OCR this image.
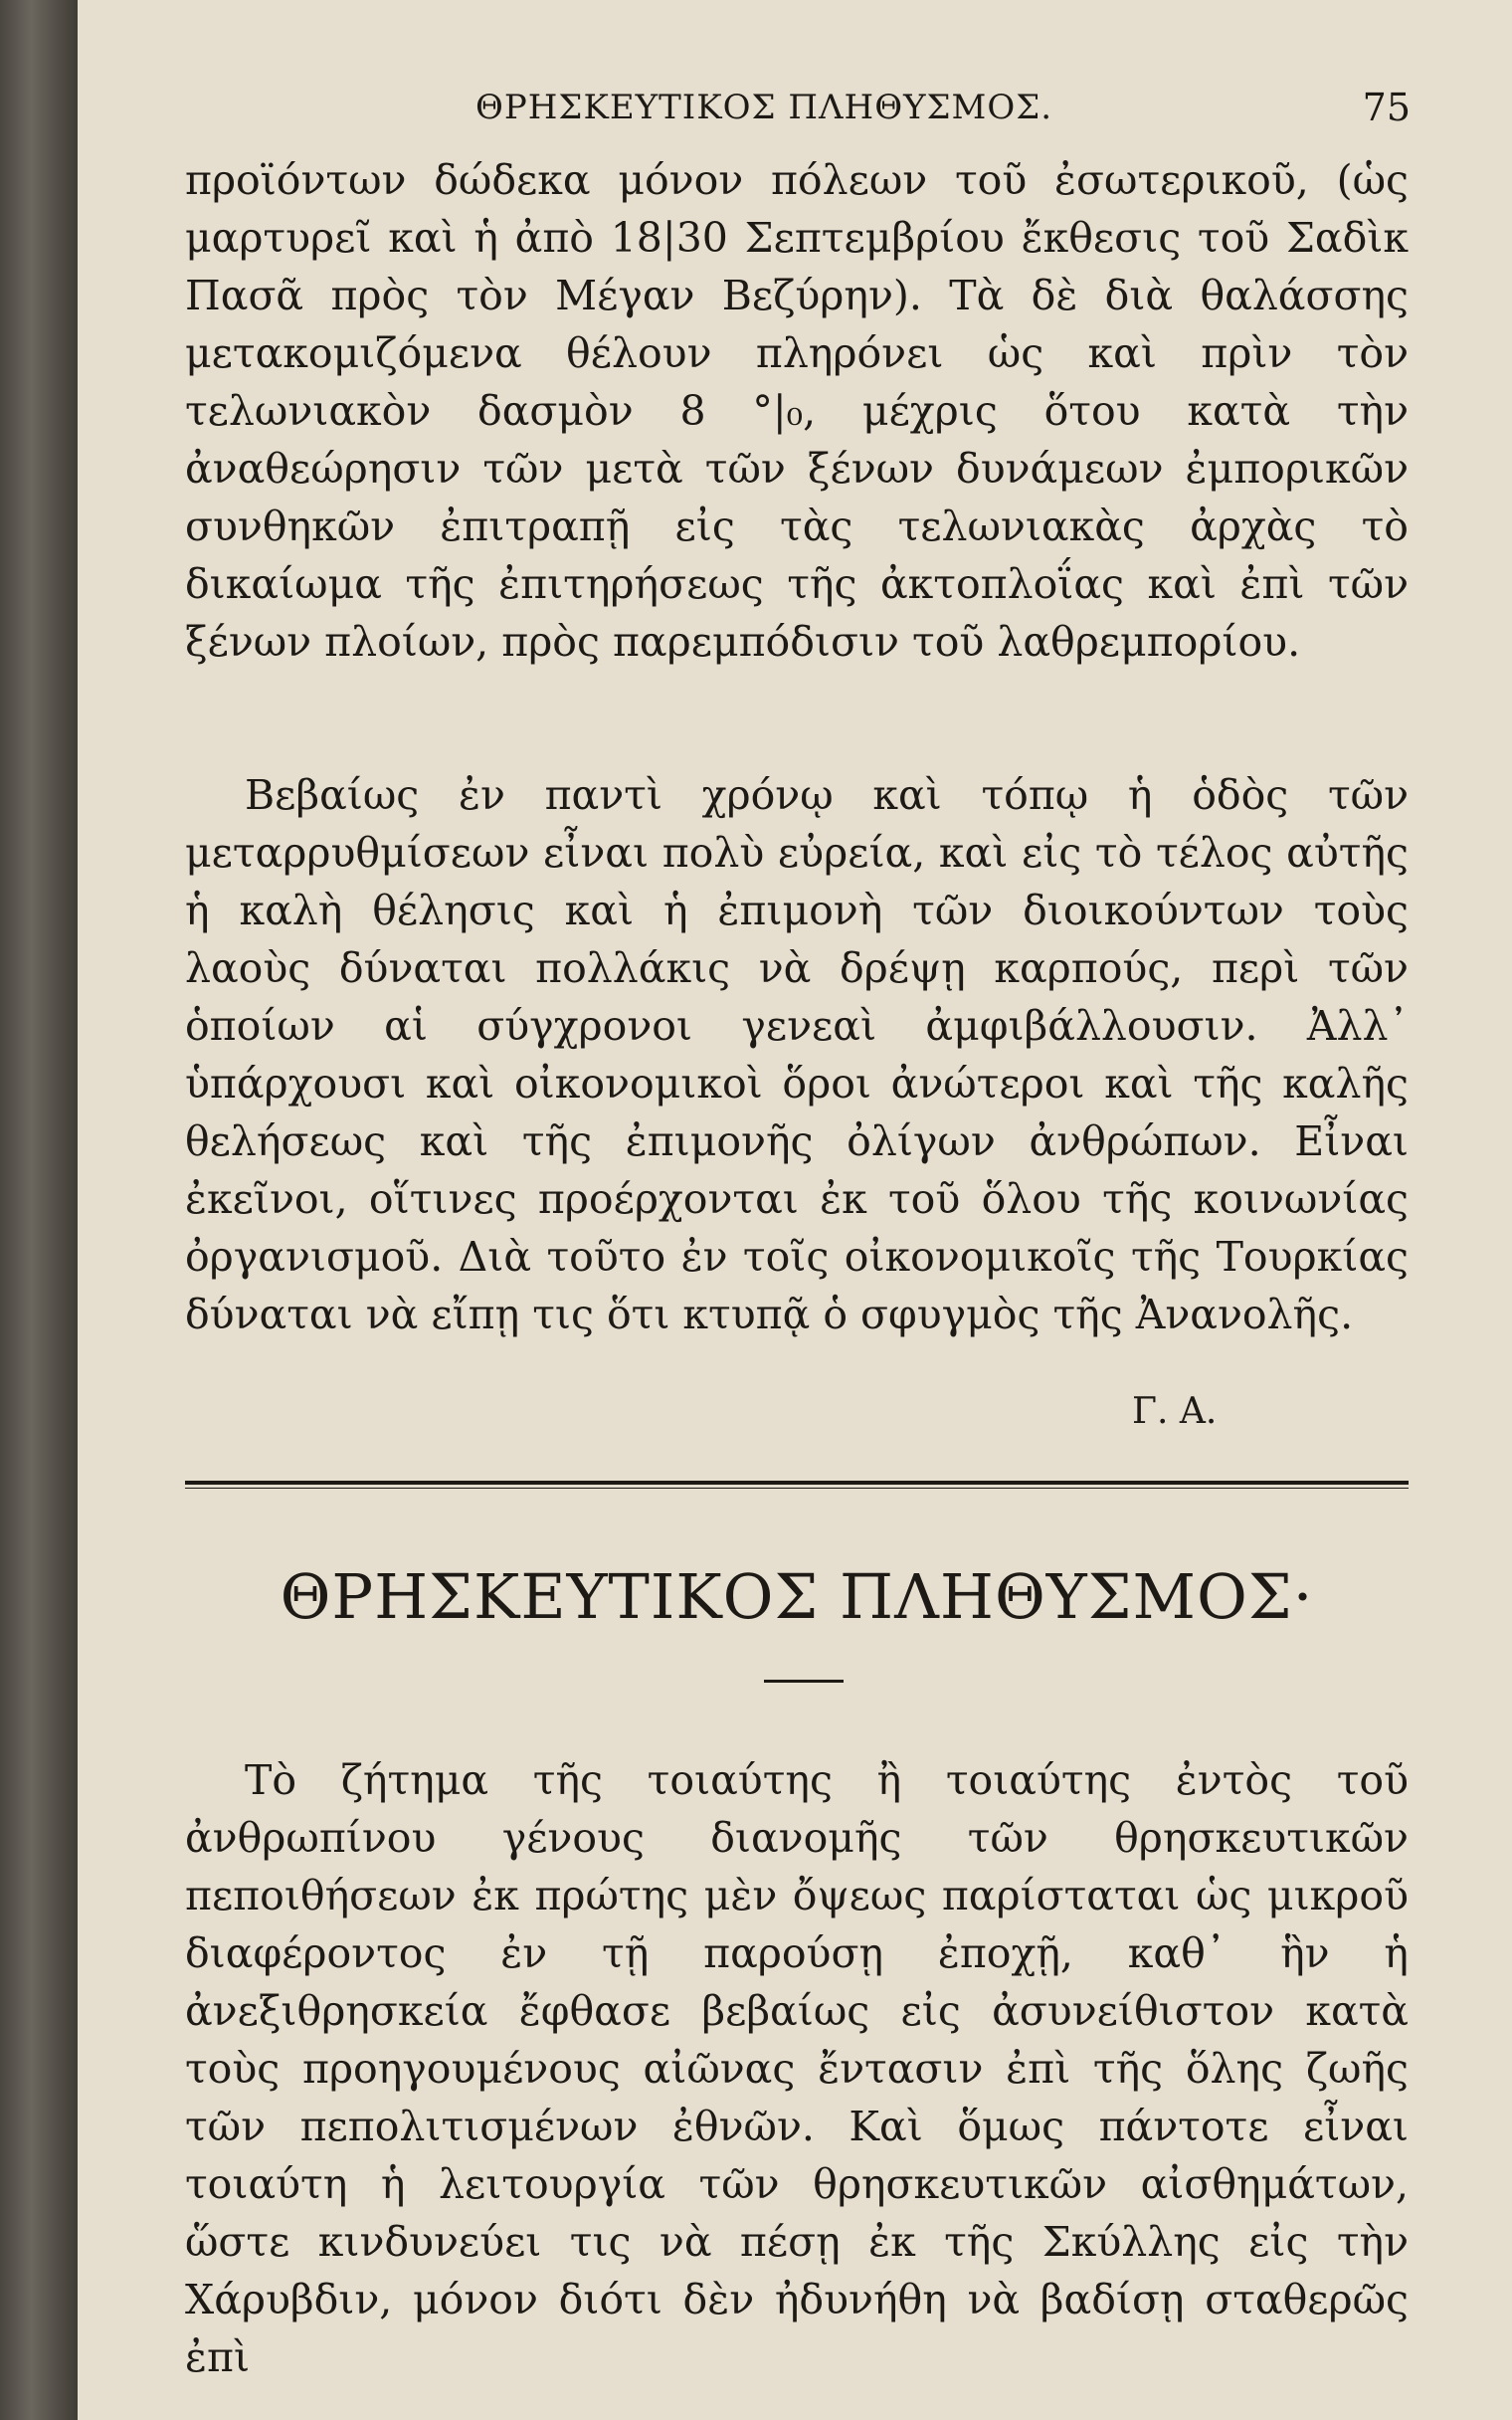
ΘΡΗΣΚΕΥΤΙΚΟΣ ΠΛΗΘΥΣΜΟΣ.	75

προϊόντων δώδεκα μόνον πόλεων τοῦ ἐσωτερικοῦ, (ὡς μαρτυρεῖ καὶ ἡ ἀπὸ 18|30 Σεπτεμβρίου ἔκθεσις τοῦ Σαδὶκ Πασᾶ πρὸς τὸν Μέγαν Βεζύρην). Τὰ δὲ διὰ θαλάσσης μετακομιζόμενα θέλουν πληρόνει ὡς καὶ πρὶν τὸν τελωνιακὸν δασμὸν 8 °|₀, μέχρις ὅτου κατὰ τὴν ἀναθεώρησιν τῶν μετὰ τῶν ξένων δυνάμεων ἐμπορικῶν συνθηκῶν ἐπιτραπῇ εἰς τὰς τελωνιακὰς ἀρχὰς τὸ δικαίωμα τῆς ἐπιτηρήσεως τῆς ἀκτοπλοΐας καὶ ἐπὶ τῶν ξένων πλοίων, πρὸς παρεμπόδισιν τοῦ λαθρεμπορίου.

Βεβαίως ἐν παντὶ χρόνῳ καὶ τόπῳ ἡ ὁδὸς τῶν μεταρρυθμίσεων εἶναι πολὺ εὐρεία, καὶ εἰς τὸ τέλος αὐτῆς ἡ καλὴ θέλησις καὶ ἡ ἐπιμονὴ τῶν διοικούντων τοὺς λαοὺς δύναται πολλάκις νὰ δρέψῃ καρπούς, περὶ τῶν ὁποίων αἱ σύγχρονοι γενεαὶ ἀμφιβάλλουσιν. Ἀλλ᾽ ὑπάρχουσι καὶ οἰκονομικοὶ ὅροι ἀνώτεροι καὶ τῆς καλῆς θελήσεως καὶ τῆς ἐπιμονῆς ὀλίγων ἀνθρώπων. Εἶναι ἐκεῖνοι, οἵτινες προέρχονται ἐκ τοῦ ὅλου τῆς κοινωνίας ὀργανισμοῦ. Διὰ τοῦτο ἐν τοῖς οἰκονομικοῖς τῆς Τουρκίας δύναται νὰ εἴπῃ τις ὅτι κτυπᾷ ὁ σφυγμὸς τῆς Ἀνανολῆς.

Γ. Α.
ΘΡΗΣΚΕΥΤΙΚΟΣ ΠΛΗΘΥΣΜΟΣ·

Τὸ ζήτημα τῆς τοιαύτης ἢ τοιαύτης ἐντὸς τοῦ ἀνθρωπίνου γένους διανομῆς τῶν θρησκευτικῶν πεποιθήσεων ἐκ πρώτης μὲν ὄψεως παρίσταται ὡς μικροῦ διαφέροντος ἐν τῇ παρούσῃ ἐποχῇ, καθ᾽ ἣν ἡ ἀνεξιθρησκεία ἔφθασε βεβαίως εἰς ἀσυνείθιστον κατὰ τοὺς προηγουμένους αἰῶνας ἔντασιν ἐπὶ τῆς ὅλης ζωῆς τῶν πεπολιτισμένων ἐθνῶν. Καὶ ὅμως πάντοτε εἶναι τοιαύτη ἡ λειτουργία τῶν θρησκευτικῶν αἰσθημάτων, ὥστε κινδυνεύει τις νὰ πέσῃ ἐκ τῆς Σκύλλης εἰς τὴν Χάρυβδιν, μόνον διότι δὲν ἠδυνήθη νὰ βαδίσῃ σταθερῶς ἐπὶ
